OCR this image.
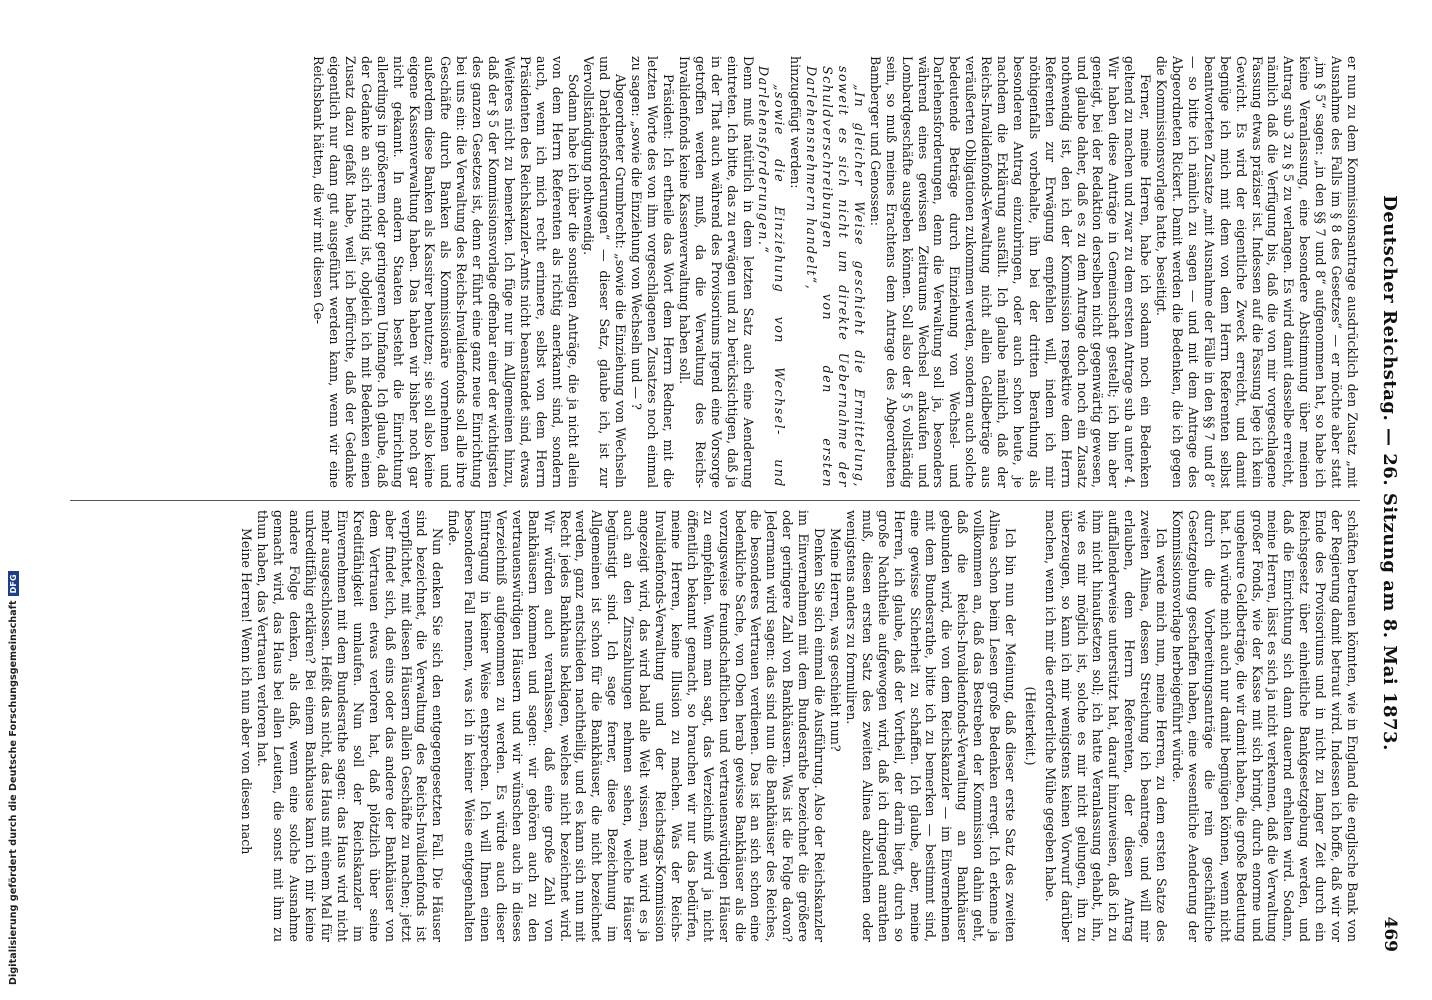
Digitalisierung gefördert durch die Deutsche ForschungsgemeinschaftDFG	Deutscher Reichstag. — 26. Sitzung am 8. Mai 1873.
469

er nun zu dem Kommissionsantrage ausdrücklich den Zusatz „mit Ausnahme des Falls im § 8 des Gesetzes“ — er möchte aber statt „im § 5“ sagen: „in den §§ 7 und 8“ aufgenommen hat, so habe ich keine Veranlassung, eine besondere Abstimmung über meinen Antrag sub 3 zu § 5 zu verlangen. Es wird damit dasselbe erreicht, nämlich daß die Verfügung bis, daß die von mir vorgeschlagene Fassung etwas präziser ist. Indessen auf die Fassung lege ich kein Gewicht. Es wird der eigentliche Zweck erreicht, und damit begnüge ich mich mit dem von dem Herrn Referenten selbst beantworteten Zusatze „mit Ausnahme der Fälle in den §§ 7 und 8“ — so bitte ich nämlich zu sagen — und mit dem Antrage des Abgeordneten Rickert. Damit werden die Bedenken, die ich gegen die Kommissionsvorlage hatte, beseitigt.

Ferner, meine Herren, habe ich sodann noch ein Bedenken geltend zu machen und zwar zu dem ersten Antrage sub a unter 4. Wir haben diese Anträge in Gemeinschaft gestellt; ich bin aber geneigt, bei der Redaktion derselben nicht gegenwärtig gewesen, und glaube daher, daß es zu dem Antrage doch noch ein Zusatz nothwendig ist, den ich der Kommission respektive dem Herrn Referenten zur Erwägung empfehlen will, indem ich mir nöthigenfalls vorbehalte, ihn bei der dritten Berathung als besonderen Antrag einzubringen, oder auch schon heute, je nachdem die Erklärung ausfällt. Ich glaube nämlich, daß der Reichs-Invalidenfonds-Verwaltung nicht allein Geldbeträge aus veräußerten Obligationen zukommen werden, sondern auch solche bedeutende Beträge durch Einziehung von Wechsel- und Darlehensforderungen, denn die Verwaltung soll ja, besonders während eines gewissen Zeitraums Wechsel ankaufen und Lombardgeschäfte ausgeben können. Soll also der § 5 vollständig sein, so muß meines Erachtens dem Antrage des Abgeordneten Bamberger und Genossen:

„In gleicher Weise geschieht die Ermittelung, soweit es sich nicht um direkte Uebernahme der Schuldverschreibungen von den ersten Darlehensnehmern handelt“,

hinzugefügt werden:

„sowie die Einziehung von Wechsel- und Darlehensforderungen.“

Denn muß natürlich in dem letzten Satz auch eine Aenderung eintreten. Ich bitte, das zu erwägen und zu berücksichtigen, daß ja in der That auch während des Provisoriums irgend eine Vorsorge getroffen werden muß, da die Verwaltung des Reichs-Invalidenfonds keine Kassenverwaltung haben soll.

Präsident: Ich ertheile das Wort dem Herrn Redner, mit die letzten Worte des von ihm vorgeschlagenen Zusatzes noch einmal zu sagen: „sowie die Einziehung von Wechseln und — ?

Abgeordneter Grumbrecht: „sowie die Einziehung von Wechseln und Darlehensforderungen“ — dieser Satz, glaube ich, ist zur Vervollständigung nothwendig.

Sodann habe ich über die sonstigen Anträge, die ja nicht allein von dem Herrn Referenten als richtig anerkannt sind, sondern auch, wenn ich mich recht erinnere, selbst von dem Herrn Präsidenten des Reichskanzler-Amts nicht beanstandet sind, etwas Weiteres nicht zu bemerken. Ich füge nur im Allgemeinen hinzu, daß der § 5 der Kommissionsvorlage offenbar einer der wichtigsten des ganzen Gesetzes ist, denn er führt eine ganz neue Einrichtung bei uns ein: die Verwaltung des Reichs-Invalidenfonds soll alle ihre Geschäfte durch Banken als Kommissionäre vornehmen und außerdem diese Banken als Kassirer benutzen; sie soll also keine eigene Kassenverwaltung haben. Das haben wir bisher noch gar nicht gekannt. In andern Staaten besteht die Einrichtung allerdings in größerem oder geringerem Umfange. Ich glaube, daß der Gedanke an sich richtig ist, obgleich ich mit Bedenken einen Zusatz dazu gefaßt habe, weil ich befürchte, daß der Gedanke eigentlich nur dann gut ausgeführt werden kann, wenn wir eine Reichsbank hätten, die wir mit diesen Ge-

schäften betrauen könnten, wie in England die englische Bank von der Regierung damit betraut wird. Indessen ich hoffe, daß wir vor Ende des Provisoriums und in nicht zu langer Zeit durch ein Reichsgesetz über einheitliche Bankgesetzgebung werden, und daß die Einrichtung sich dann dauernd erhalten wird. Sodann, meine Herren, lässt es sich ja nicht verkennen, daß die Verwaltung großer Fonds, wie der Kasse mit sich bringt, durch enorme und ungeheure Geldbeträge, die wir damit haben, die große Bedeutung hat. Ich würde mich auch nur damit begnügen können, wenn nicht durch die Vorbereitungsanträge die rein geschäftliche Gesetzgebung geschaffen haben, eine wesentliche Aenderung der Kommissionsvorlage herbeigeführt würde.

Ich werde mich nun, meine Herren, zu dem ersten Satze des zweiten Alinea, dessen Streichung ich beantrage, und will mir erlauben, dem Herrn Referenten, der diesen Antrag auffallenderweise unterstützt hat, darauf hinzuweisen, daß ich zu ihm nicht hinaufsetzen soll; ich hatte Veranlassung gehabt, ihn, wie es mir möglich ist, solche es mir nicht gelungen, ihn zu überzeugen, so kann ich mir wenigstens keinen Vorwurf darüber machen, wenn ich mir die erforderliche Mühe gegeben habe.

(Heiterkeit.)

Ich bin nun der Meinung, daß dieser erste Satz des zweiten Alinea schon beim Lesen große Bedenken erregt. Ich erkenne ja vollkommen an, daß das Bestreben der Kommission dahin geht, daß die Reichs-Invalidenfonds-Verwaltung an Bankhäuser gebunden wird, die von dem Reichskanzler — im Einvernehmen mit dem Bundesrathe, bitte ich zu bemerken — bestimmt sind, eine gewisse Sicherheit zu schaffen. Ich glaube, aber, meine Herren, ich glaube, daß der Vortheil, der darin liegt, durch so große Nachtheile aufgewogen wird, daß ich dringend anrathen muß, diesen ersten Satz des zweiten Alinea abzulehnen oder wenigstens anders zu formuliren.

Meine Herren, was geschieht nun?

Denken Sie sich einmal die Ausführung. Also der Reichskanzler im Einvernehmen mit dem Bundesrathe bezeichnet die größere oder geringere Zahl von Bankhäusern. Was ist die Folge davon? Jedermann wird sagen: das sind nun die Bankhäuser des Reiches, die besonderes Vertrauen verdienen. Das ist an sich schon eine bedenkliche Sache, von Oben herab gewisse Bankhäuser als die vorzugsweise freundschaftlichen und vertrauenswürdigen Häuser zu empfehlen. Wenn man sagt, das Verzeichniß wird ja nicht öffentlich bekannt gemacht, so brauchen wir nur das bedürfen, meine Herren, keine Illusion zu machen. Was der Reichs-Invalidenfonds-Verwaltung und der Reichstags-Kommission angezeigt wird, das wird bald alle Welt wissen, man wird es ja auch an den Zinszahlungen nehmen sehen, welche Häuser begünstigt sind. Ich sage ferner, diese Bezeichnung im Allgemeinen ist schon für die Bankhäuser, die nicht bezeichnet werden, ganz entschieden nachtheilig, und es kann sich nun mit Recht jedes Bankhaus beklagen, welches nicht bezeichnet wird. Wir würden auch veranlassen, daß eine große Zahl von Bankhäusern kommen und sagen: wir gehören auch zu den vertrauenswürdigen Häusern und wir wünschen auch in dieses Verzeichniß aufgenommen zu werden. Es würde auch dieser Eintragung in keiner Weise entsprechen. Ich will Ihnen einen besonderen Fall nennen, was ich in keiner Weise entgegenhalten finde.

Nun denken Sie sich den entgegengesetzten Fall. Die Häuser sind bezeichnet, die Verwaltung des Reichs-Invalidenfonds ist verpflichtet, mit diesen Häusern allein Geschäfte zu machen; jetzt aber findet sich, daß eins oder das andere der Bankhäuser von dem Vertrauen etwas verloren hat, daß plötzlich über seine Kreditfähigkeit umlaufen. Nun soll der Reichskanzler im Einvernehmen mit dem Bundesrathe sagen: das Haus wird nicht mehr ausgeschlossen. Heißt das nicht, das Haus mit einem Mal für unkreditfähig erklären? Bei einem Bankhause kann ich mir keine andere Folge denken, als daß, wenn eine solche Ausnahme gemacht wird, das Haus bei allen Leuten, die sonst mit ihm zu thun haben, das Vertrauen verloren hat.

Meine Herren! Wenn ich nun aber von diesen nach
